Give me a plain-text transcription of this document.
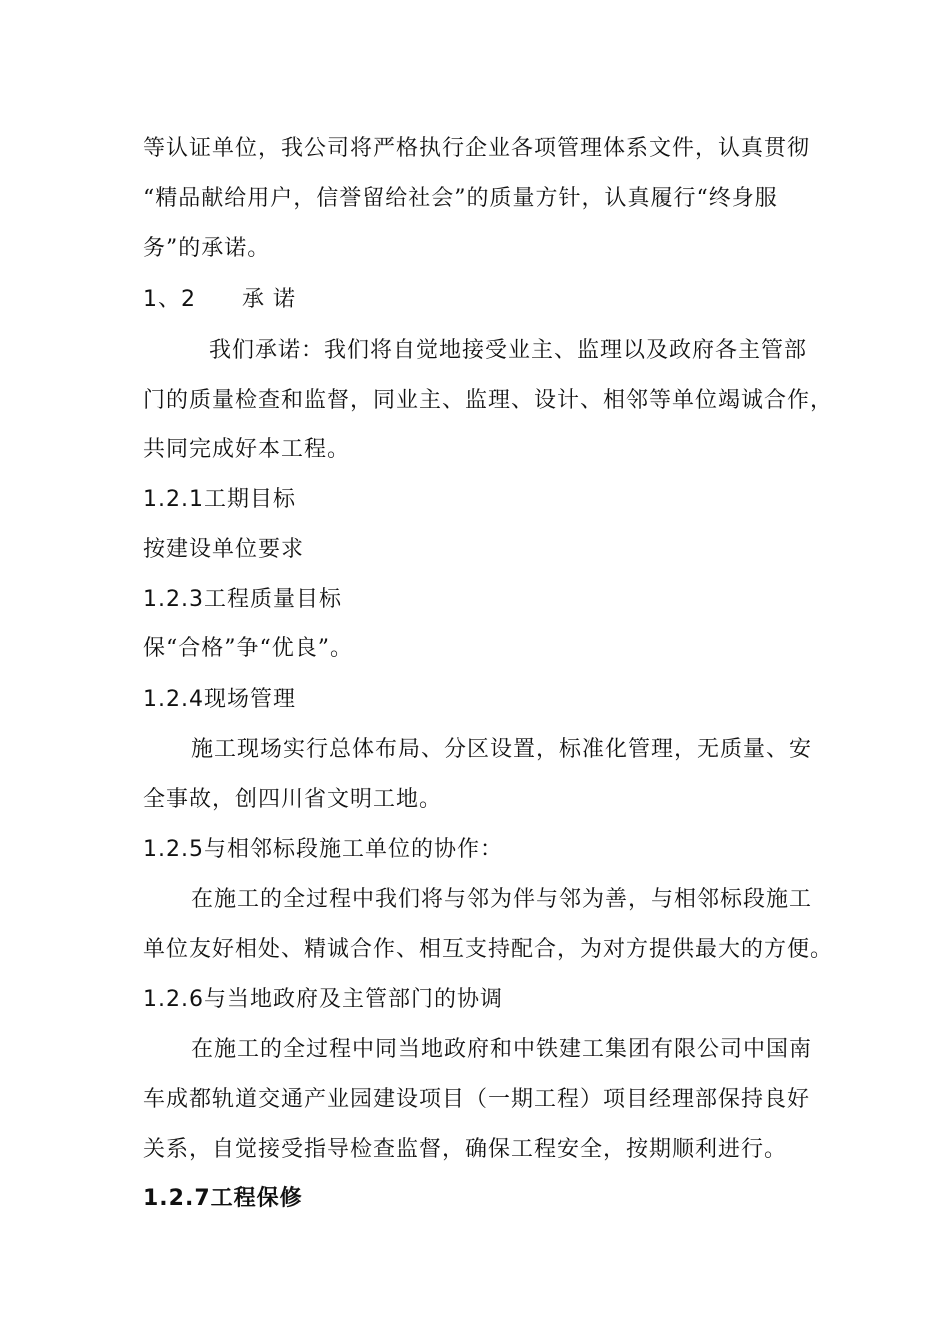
等认证单位，我公司将严格执行企业各项管理体系文件，认真贯彻
“精品献给用户，信誉留给社会”的质量方针，认真履行“终身服
务”的承诺。
1、2　　承 诺
我们承诺：我们将自觉地接受业主、监理以及政府各主管部
门的质量检查和监督，同业主、监理、设计、相邻等单位竭诚合作，
共同完成好本工程。
1.2.1工期目标
按建设单位要求
1.2.3工程质量目标
保“合格”争“优良”。
1.2.4现场管理
施工现场实行总体布局、分区设置，标准化管理，无质量、安
全事故，创四川省文明工地。
1.2.5与相邻标段施工单位的协作：
在施工的全过程中我们将与邻为伴与邻为善，与相邻标段施工
单位友好相处、精诚合作、相互支持配合，为对方提供最大的方便。
1.2.6与当地政府及主管部门的协调
在施工的全过程中同当地政府和中铁建工集团有限公司中国南
车成都轨道交通产业园建设项目（一期工程）项目经理部保持良好
关系，自觉接受指导检查监督，确保工程安全，按期顺利进行。
1.2.7工程保修
